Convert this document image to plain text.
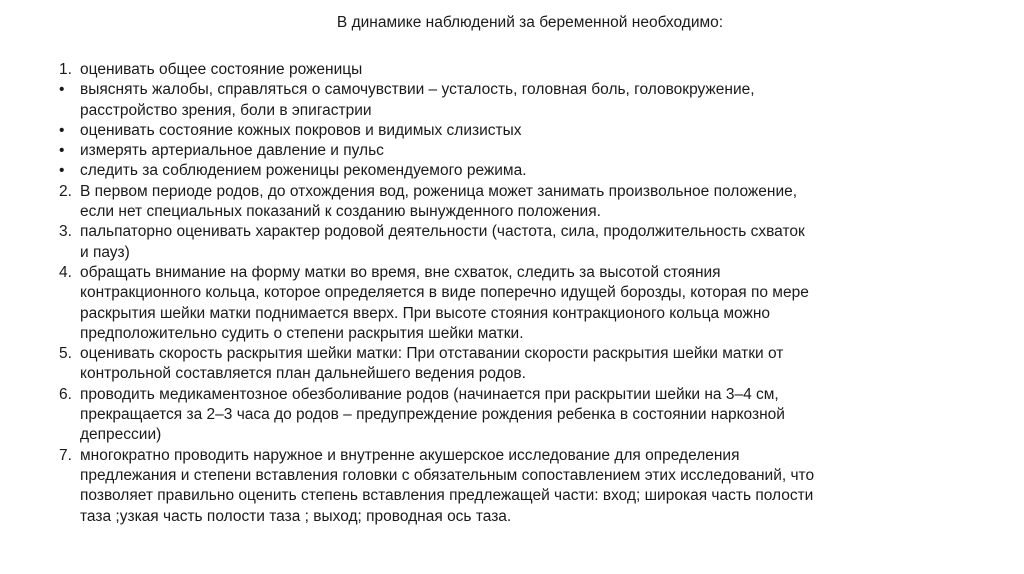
В динамике наблюдений за беременной необходимо:
1. оценивать общее состояние роженицы
• выяснять жалобы, справляться о самочувствии – усталость, головная боль, головокружение,
расстройство зрения, боли в эпигастрии
• оценивать состояние кожных покровов и видимых слизистых
• измерять артериальное давление и пульс
• следить за соблюдением роженицы рекомендуемого режима.
2. В первом периоде родов, до отхождения вод, роженица может занимать произвольное положение,
если нет специальных показаний к созданию вынужденного положения.
3. пальпаторно оценивать характер родовой деятельности (частота, сила, продолжительность схваток
и пауз)
4. обращать внимание на форму матки во время, вне схваток, следить за высотой стояния
контракционного кольца, которое определяется в виде поперечно идущей борозды, которая по мере
раскрытия шейки матки поднимается вверх. При высоте стояния контракционого кольца можно
предположительно судить о степени раскрытия шейки матки.
5. оценивать скорость раскрытия шейки матки: При отставании скорости раскрытия шейки матки от
контрольной составляется план дальнейшего ведения родов.
6. проводить медикаментозное обезболивание родов (начинается при раскрытии шейки на 3–4 см,
прекращается за 2–3 часа до родов – предупреждение рождения ребенка в состоянии наркозной
депрессии)
7. многократно проводить наружное и внутренне акушерское исследование для определения
предлежания и степени вставления головки с обязательным сопоставлением этих исследований, что
позволяет правильно оценить степень вставления предлежащей части: вход; широкая часть полости
таза ;узкая часть полости таза ; выход; проводная ось таза.
